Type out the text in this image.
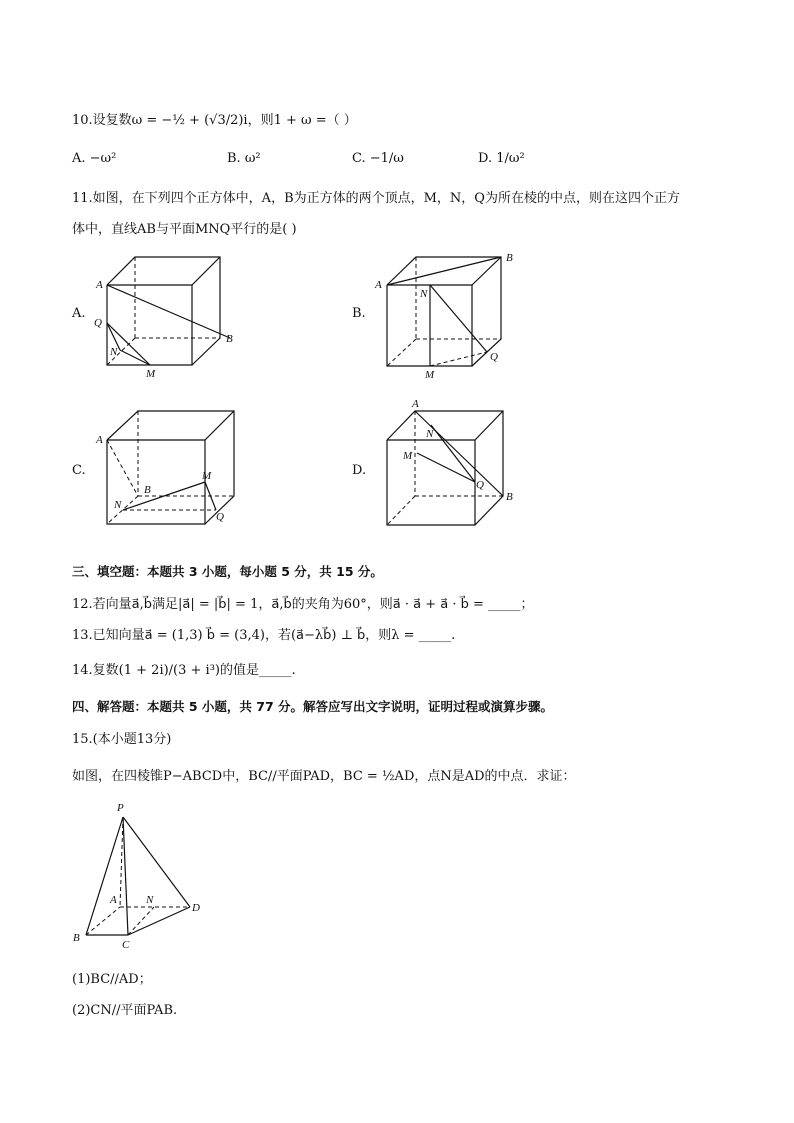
10.设复数ω = −½ + (√3/2)i，则1 + ω =（ ）
A. −ω²	B. ω²	C. −1/ω	D. 1/ω²
11.如图，在下列四个正方体中，A，B为正方体的两个顶点，M，N，Q为所在棱的中点，则在这四个正方
体中，直线AB与平面MNQ平行的是( )
A.
A
B
Q
N
M
B.
A
B
N
Q
M
C.
A
B
N
M
Q
D.
A
B
N
M
Q
三、填空题：本题共 3 小题，每小题 5 分，共 15 分。
12.若向量a⃗,b⃗满足|a⃗| = |b⃗| = 1，a⃗,b⃗的夹角为60°，则a⃗ · a⃗ + a⃗ · b⃗ = _____；
13.已知向量a⃗ = (1,3) b⃗ = (3,4)，若(a⃗−λb⃗) ⊥ b⃗，则λ = _____.
14.复数(1 + 2i)/(3 + i³)的值是_____.
四、解答题：本题共 5 小题，共 77 分。解答应写出文字说明，证明过程或演算步骤。
15.(本小题13分)
如图，在四棱锥P−ABCD中，BC//平面PAD，BC = ½AD，点N是AD的中点．求证：
P
A	N
D
B
C
(1)BC//AD；
(2)CN//平面PAB.
